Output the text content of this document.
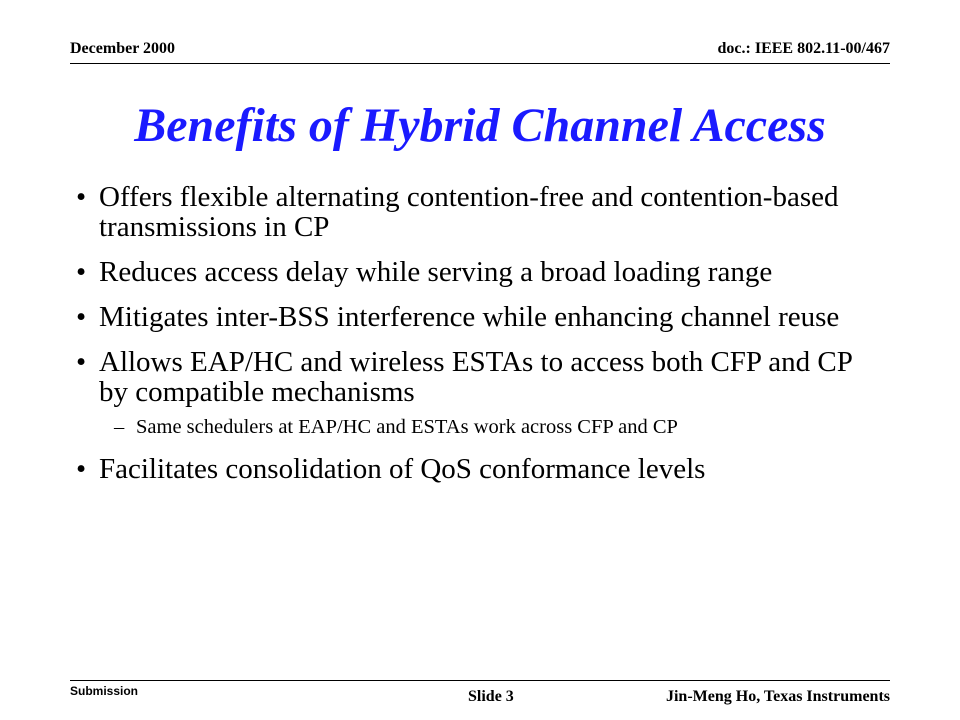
December 2000	doc.: IEEE 802.11-00/467
Benefits of Hybrid Channel Access
• Offers flexible alternating contention-free and contention-based transmissions in CP
• Reduces access delay while serving a broad loading range
• Mitigates inter-BSS interference while enhancing channel reuse
• Allows EAP/HC and wireless ESTAs to access both CFP and CP by compatible mechanisms
– Same schedulers at EAP/HC and ESTAs work across CFP and CP
• Facilitates consolidation of QoS conformance levels
Submission	Slide 3	Jin-Meng Ho, Texas Instruments
